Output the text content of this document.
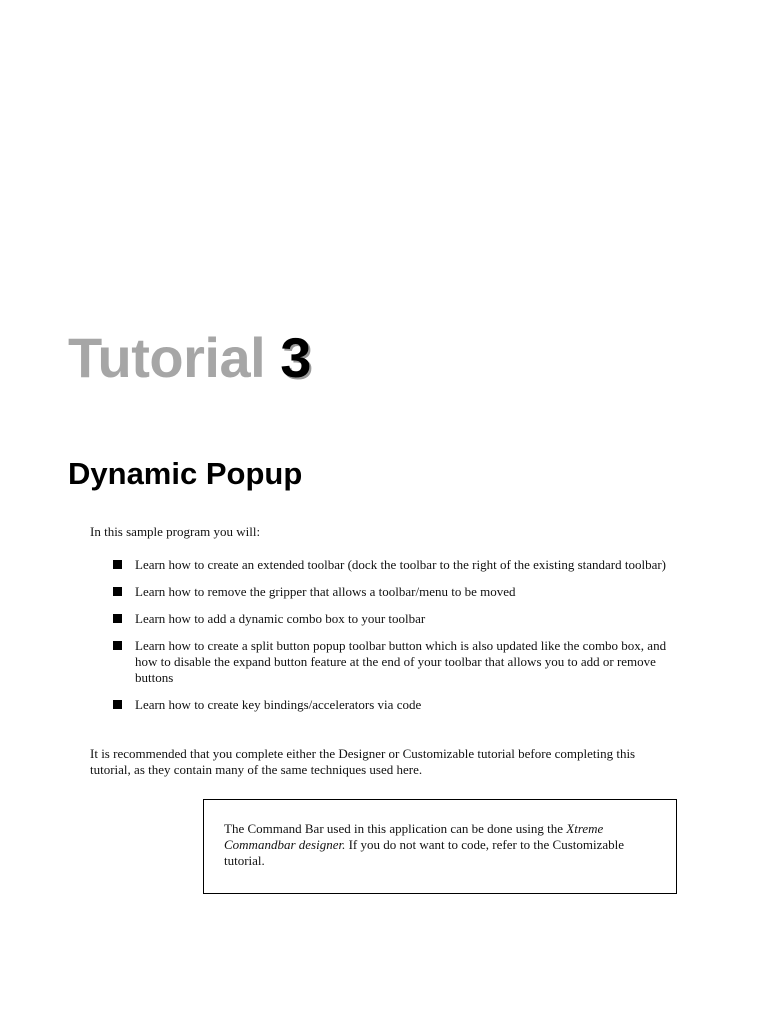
Tutorial 3
Dynamic Popup

In this sample program you will:

Learn how to create an extended toolbar (dock the toolbar to the right of the existing standard toolbar)
Learn how to remove the gripper that allows a toolbar/menu to be moved
Learn how to add a dynamic combo box to your toolbar
Learn how to create a split button popup toolbar button which is also updated like the combo box, and how to disable the expand button feature at the end of your toolbar that allows you to add or remove buttons
Learn how to create key bindings/accelerators via code

It is recommended that you complete either the Designer or Customizable tutorial before completing this tutorial, as they contain many of the same techniques used here.

The Command Bar used in this application can be done using the Xtreme Commandbar designer. If you do not want to code, refer to the Customizable tutorial.
